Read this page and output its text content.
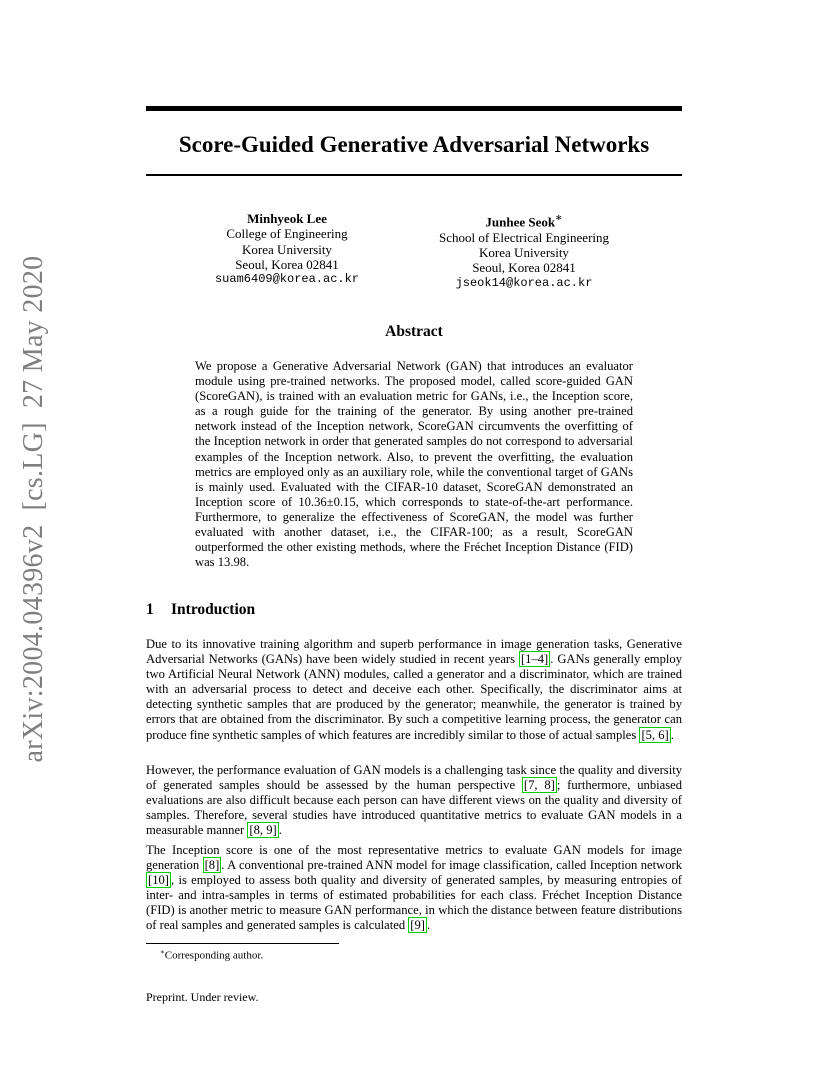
arXiv:2004.04396v2[cs.LG]27 May 2020
Score-Guided Generative Adversarial Networks
Minhyeok Lee
College of Engineering
Korea University
Seoul, Korea 02841
suam6409@korea.ac.kr
Junhee Seok∗
School of Electrical Engineering
Korea University
Seoul, Korea 02841
jseok14@korea.ac.kr
Abstract
We propose a Generative Adversarial Network (GAN) that introduces an evaluator module using pre-trained networks. The proposed model, called score-guided GAN (ScoreGAN), is trained with an evaluation metric for GANs, i.e., the Inception score, as a rough guide for the training of the generator. By using another pre-trained network instead of the Inception network, ScoreGAN circumvents the overfitting of the Inception network in order that generated samples do not correspond to adversarial examples of the Inception network. Also, to prevent the overfitting, the evaluation metrics are employed only as an auxiliary role, while the conventional target of GANs is mainly used. Evaluated with the CIFAR-10 dataset, ScoreGAN demonstrated an Inception score of 10.36±0.15, which corresponds to state-of-the-art performance. Furthermore, to generalize the effectiveness of ScoreGAN, the model was further evaluated with another dataset, i.e., the CIFAR-100; as a result, ScoreGAN outperformed the other existing methods, where the Fréchet Inception Distance (FID) was 13.98.
1 Introduction
Due to its innovative training algorithm and superb performance in image generation tasks, Generative Adversarial Networks (GANs) have been widely studied in recent years [1–4] . GANs generally employ two Artificial Neural Network (ANN) modules, called a generator and a discriminator, which are trained with an adversarial process to detect and deceive each other. Specifically, the discriminator aims at detecting synthetic samples that are produced by the generator; meanwhile, the generator is trained by errors that are obtained from the discriminator. By such a competitive learning process, the generator can produce fine synthetic samples of which features are incredibly similar to those of actual samples [5, 6] .
However, the performance evaluation of GAN models is a challenging task since the quality and diversity of generated samples should be assessed by the human perspective [7, 8] ; furthermore, unbiased evaluations are also difficult because each person can have different views on the quality and diversity of samples. Therefore, several studies have introduced quantitative metrics to evaluate GAN models in a measurable manner [8, 9] .
The Inception score is one of the most representative metrics to evaluate GAN models for image generation [8] . A conventional pre-trained ANN model for image classification, called Inception network [10] , is employed to assess both quality and diversity of generated samples, by measuring entropies of inter- and intra-samples in terms of estimated probabilities for each class. Fréchet Inception Distance (FID) is another metric to measure GAN performance, in which the distance between feature distributions of real samples and generated samples is calculated [9] .
∗Corresponding author.
Preprint. Under review.
